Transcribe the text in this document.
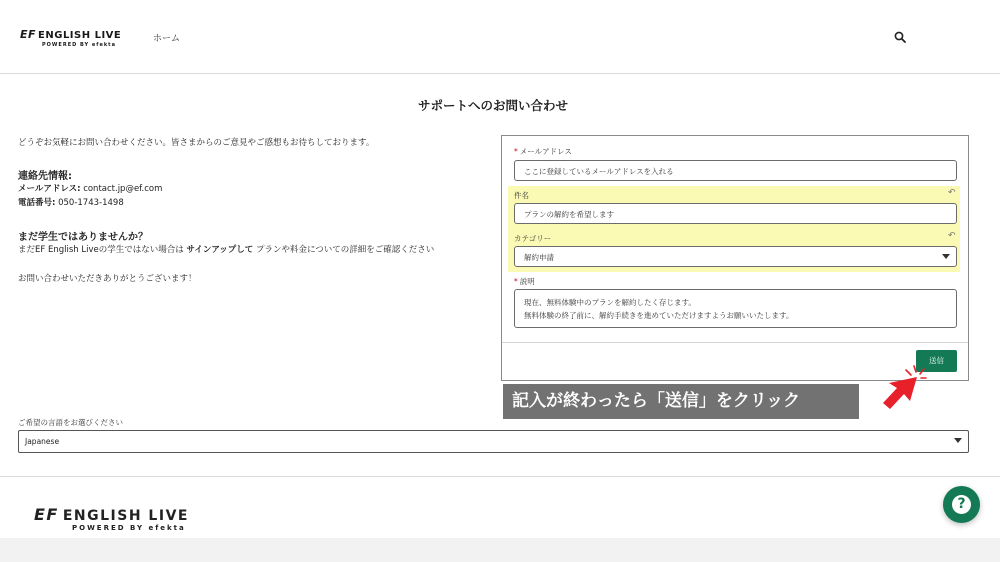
EF ENGLISH LIVE
POWERED BY efekta
ホーム
サポートへのお問い合わせ
どうぞお気軽にお問い合わせください。皆さまからのご意見やご感想もお待ちしております。
連絡先情報:
メールアドレス: contact.jp@ef.com
電話番号: 050-1743-1498
まだ学生ではありませんか？
まだEF English Liveの学生ではない場合は サインアップして プランや料金についての詳細をご確認ください
お問い合わせいただきありがとうございます！
* メールアドレス
ここに登録しているメールアドレスを入れる
件名	↶
プランの解約を希望します
カテゴリー	↶
解約申請
* 説明
現在、無料体験中のプランを解約したく存じます。
無料体験の終了前に、解約手続きを進めていただけますようお願いいたします。
送信
記入が終わったら「送信」をクリック
ご希望の言語をお選びください
Japanese
EF ENGLISH LIVE
POWERED BY efekta
?
